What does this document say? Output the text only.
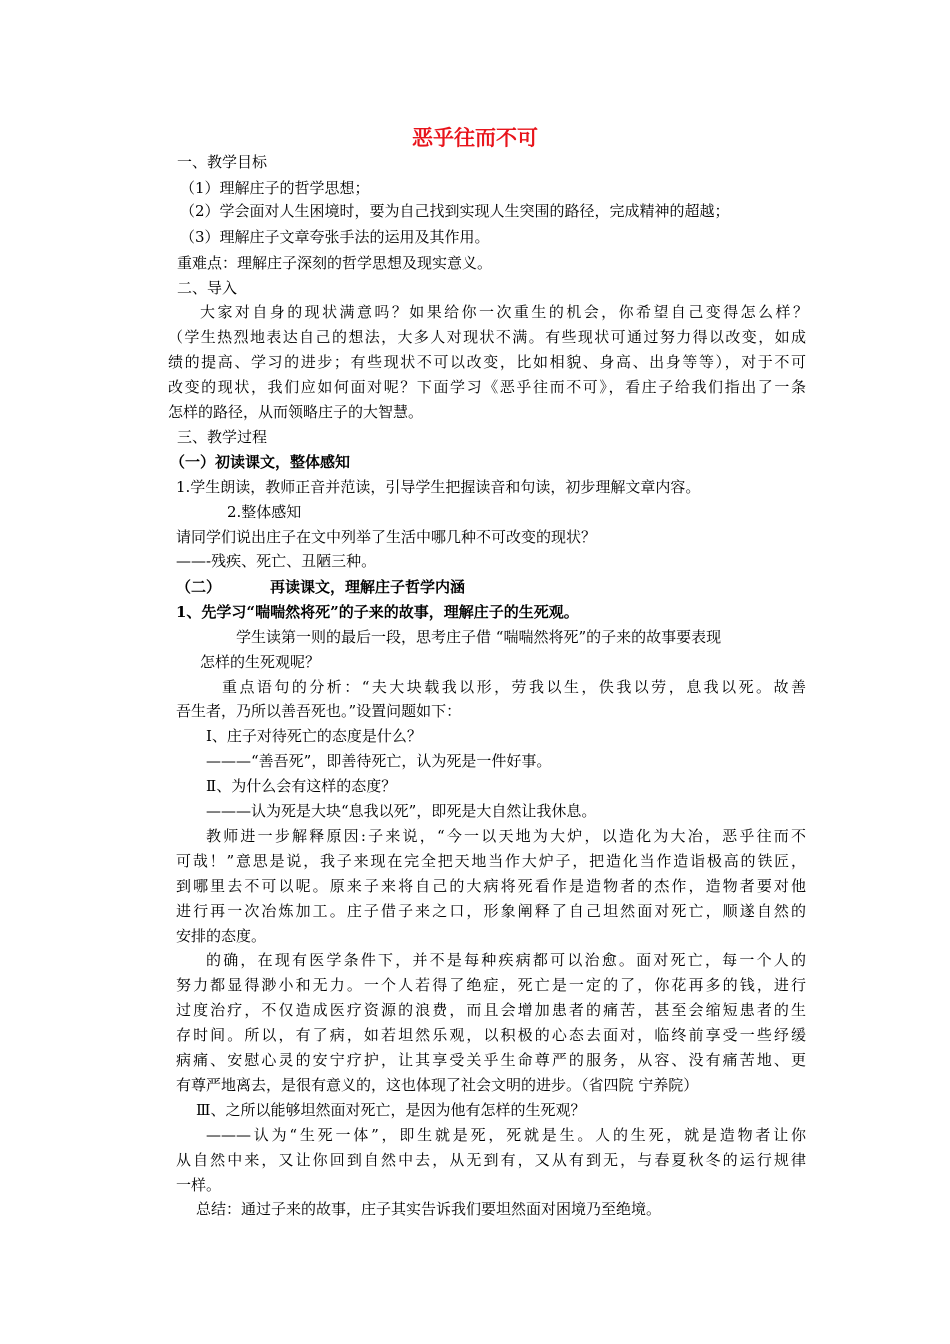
恶乎往而不可
一、教学目标
（1）理解庄子的哲学思想；
（2）学会面对人生困境时，要为自己找到实现人生突围的路径，完成精神的超越；
（3）理解庄子文章夸张手法的运用及其作用。
重难点：理解庄子深刻的哲学思想及现实意义。
二、导入
大家对自身的现状满意吗？如果给你一次重生的机会，你希望自己变得怎么样？
（学生热烈地表达自己的想法，大多人对现状不满。有些现状可通过努力得以改变，如成
绩的提高、学习的进步；有些现状不可以改变，比如相貌、身高、出身等等），对于不可
改变的现状，我们应如何面对呢？下面学习《恶乎往而不可》，看庄子给我们指出了一条
怎样的路径，从而领略庄子的大智慧。
三、教学过程
（一）初读课文，整体感知
1.学生朗读，教师正音并范读，引导学生把握读音和句读，初步理解文章内容。
2.整体感知
请同学们说出庄子在文中列举了生活中哪几种不可改变的现状？
——-残疾、死亡、丑陋三种。
（二）	再读课文，理解庄子哲学内涵
1、先学习“喘喘然将死”的子来的故事，理解庄子的生死观。
学生读第一则的最后一段，思考庄子借 “喘喘然将死”的子来的故事要表现
怎样的生死观呢？
重点语句的分析：“夫大块载我以形，劳我以生，佚我以劳，息我以死。故善
吾生者，乃所以善吾死也。”设置问题如下：
Ⅰ、庄子对待死亡的态度是什么？
———“善吾死”，即善待死亡，认为死是一件好事。
Ⅱ、为什么会有这样的态度？
———认为死是大块“息我以死”，即死是大自然让我休息。
教师进一步解释原因:子来说，“今一以天地为大炉，以造化为大冶，恶乎往而不
可哉！”意思是说，我子来现在完全把天地当作大炉子，把造化当作造诣极高的铁匠，
到哪里去不可以呢。原来子来将自己的大病将死看作是造物者的杰作，造物者要对他
进行再一次冶炼加工。庄子借子来之口，形象阐释了自己坦然面对死亡，顺遂自然的
安排的态度。
的确，在现有医学条件下，并不是每种疾病都可以治愈。面对死亡，每一个人的
努力都显得渺小和无力。一个人若得了绝症，死亡是一定的了，你花再多的钱，进行
过度治疗，不仅造成医疗资源的浪费，而且会增加患者的痛苦，甚至会缩短患者的生
存时间。所以，有了病，如若坦然乐观，以积极的心态去面对，临终前享受一些纾缓
病痛、安慰心灵的安宁疗护，让其享受关乎生命尊严的服务，从容、没有痛苦地、更
有尊严地离去，是很有意义的，这也体现了社会文明的进步。（省四院 宁养院）
Ⅲ、之所以能够坦然面对死亡，是因为他有怎样的生死观？
———认为“生死一体”，即生就是死，死就是生。人的生死，就是造物者让你
从自然中来，又让你回到自然中去，从无到有，又从有到无，与春夏秋冬的运行规律
一样。
总结：通过子来的故事，庄子其实告诉我们要坦然面对困境乃至绝境。
